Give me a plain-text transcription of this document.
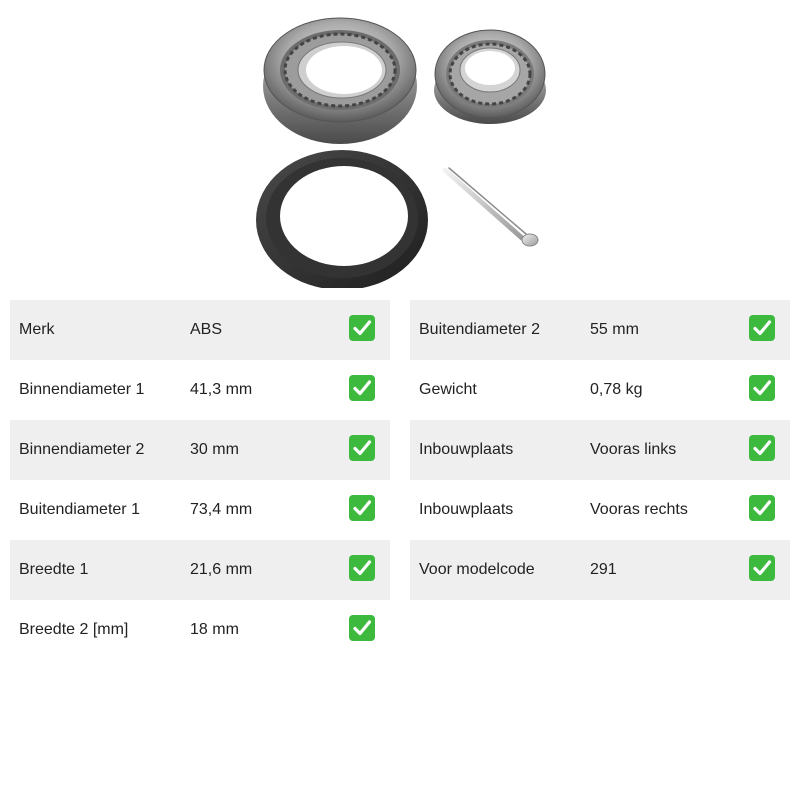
Merk	ABS
Binnendiameter 1	41,3 mm
Binnendiameter 2	30 mm
Buitendiameter 1	73,4 mm
Breedte 1	21,6 mm
Breedte 2 [mm]	18 mm
Buitendiameter 2	55 mm
Gewicht	0,78 kg
Inbouwplaats	Vooras links
Inbouwplaats	Vooras rechts
Voor modelcode	291
